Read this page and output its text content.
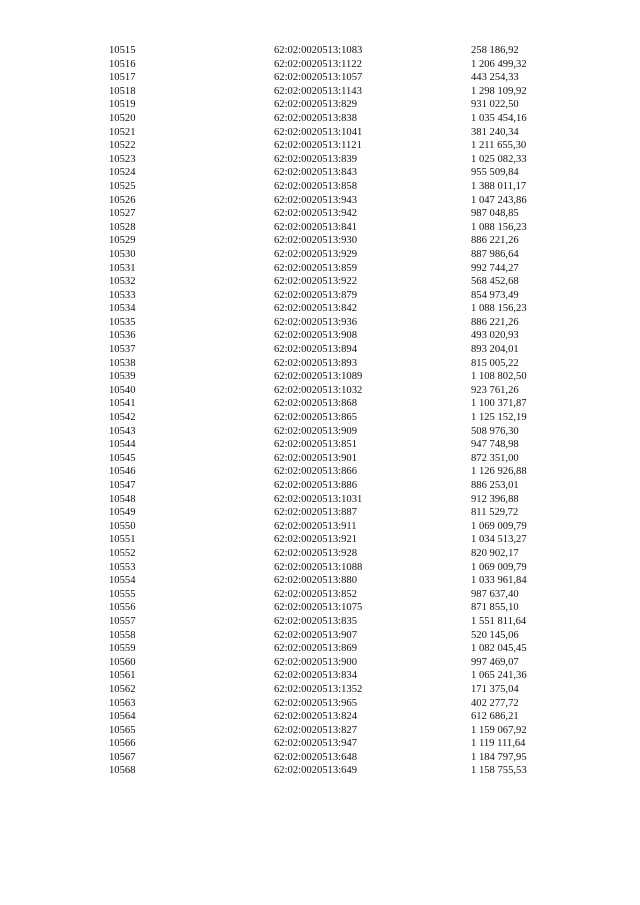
10515	62:02:0020513:1083	258 186,92
10516	62:02:0020513:1122	1 206 499,32
10517	62:02:0020513:1057	443 254,33
10518	62:02:0020513:1143	1 298 109,92
10519	62:02:0020513:829	931 022,50
10520	62:02:0020513:838	1 035 454,16
10521	62:02:0020513:1041	381 240,34
10522	62:02:0020513:1121	1 211 655,30
10523	62:02:0020513:839	1 025 082,33
10524	62:02:0020513:843	955 509,84
10525	62:02:0020513:858	1 388 011,17
10526	62:02:0020513:943	1 047 243,86
10527	62:02:0020513:942	987 048,85
10528	62:02:0020513:841	1 088 156,23
10529	62:02:0020513:930	886 221,26
10530	62:02:0020513:929	887 986,64
10531	62:02:0020513:859	992 744,27
10532	62:02:0020513:922	568 452,68
10533	62:02:0020513:879	854 973,49
10534	62:02:0020513:842	1 088 156,23
10535	62:02:0020513:936	886 221,26
10536	62:02:0020513:908	493 020,93
10537	62:02:0020513:894	893 204,01
10538	62:02:0020513:893	815 005,22
10539	62:02:0020513:1089	1 108 802,50
10540	62:02:0020513:1032	923 761,26
10541	62:02:0020513:868	1 100 371,87
10542	62:02:0020513:865	1 125 152,19
10543	62:02:0020513:909	508 976,30
10544	62:02:0020513:851	947 748,98
10545	62:02:0020513:901	872 351,00
10546	62:02:0020513:866	1 126 926,88
10547	62:02:0020513:886	886 253,01
10548	62:02:0020513:1031	912 396,88
10549	62:02:0020513:887	811 529,72
10550	62:02:0020513:911	1 069 009,79
10551	62:02:0020513:921	1 034 513,27
10552	62:02:0020513:928	820 902,17
10553	62:02:0020513:1088	1 069 009,79
10554	62:02:0020513:880	1 033 961,84
10555	62:02:0020513:852	987 637,40
10556	62:02:0020513:1075	871 855,10
10557	62:02:0020513:835	1 551 811,64
10558	62:02:0020513:907	520 145,06
10559	62:02:0020513:869	1 082 045,45
10560	62:02:0020513:900	997 469,07
10561	62:02:0020513:834	1 065 241,36
10562	62:02:0020513:1352	171 375,04
10563	62:02:0020513:965	402 277,72
10564	62:02:0020513:824	612 686,21
10565	62:02:0020513:827	1 159 067,92
10566	62:02:0020513:947	1 119 111,64
10567	62:02:0020513:648	1 184 797,95
10568	62:02:0020513:649	1 158 755,53
